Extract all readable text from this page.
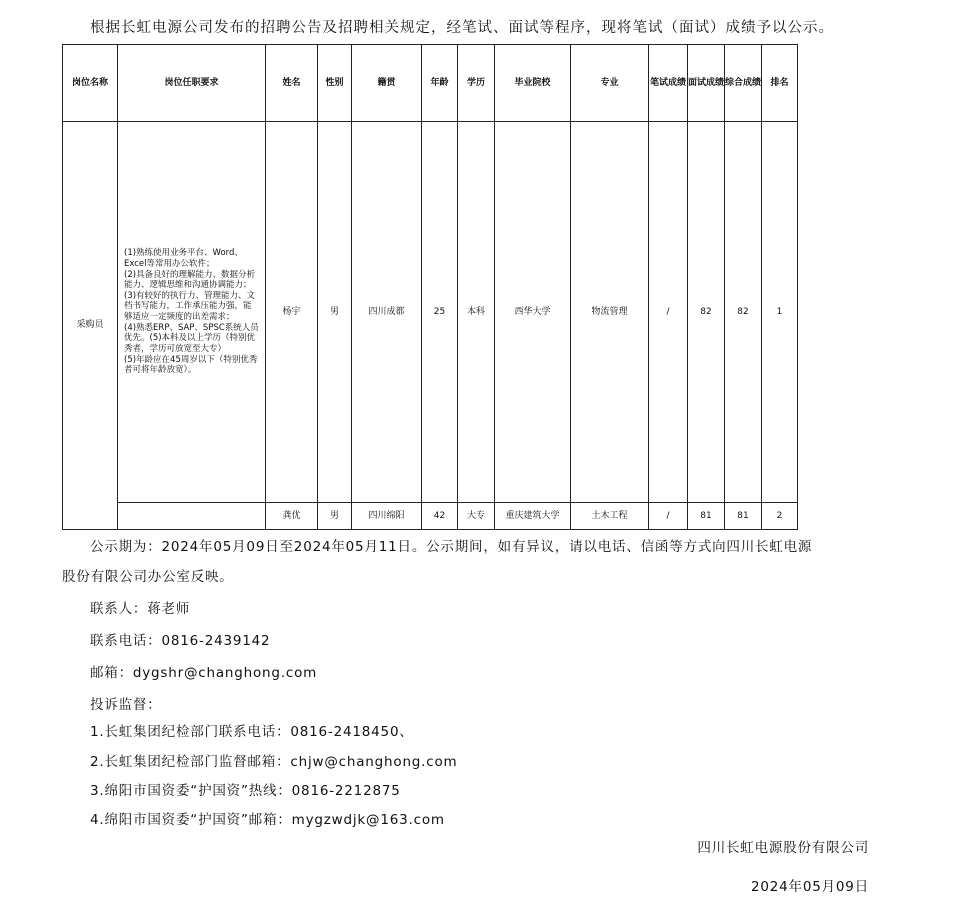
根据长虹电源公司发布的招聘公告及招聘相关规定，经笔试、面试等程序，现将笔试（面试）成绩予以公示。
岗位名称	岗位任职要求	姓名	性别	籍贯	年龄	学历	毕业院校	专业	笔试成绩	面试成绩	综合成绩	排名
采购员	(1)熟练使用业务平台、Word、Excel等常用办公软件；
(2)具备良好的理解能力、数据分析能力、逻辑思维和沟通协调能力；
(3)有较好的执行力、管理能力、文档书写能力，工作承压能力强，能够适应一定频度的出差需求；
(4)熟悉ERP、SAP、SPSC系统人员优先。(5)本科及以上学历（特别优秀者，学历可放宽至大专）
(5)年龄应在45周岁以下（特别优秀者可将年龄放宽）。	杨宇	男	四川成都	25	本科	西华大学	物流管理	/	82	82	1
		龚优	男	四川绵阳	42	大专	重庆建筑大学	土木工程	/	81	81	2
公示期为：2024年05月09日至2024年05月11日。公示期间，如有异议，请以电话、信函等方式向四川长虹电源
股份有限公司办公室反映。
联系人：蒋老师
联系电话：0816-2439142
邮箱：dygshr@changhong.com
投诉监督：
1.长虹集团纪检部门联系电话：0816-2418450、
2.长虹集团纪检部门监督邮箱：chjw@changhong.com
3.绵阳市国资委“护国资”热线：0816-2212875
4.绵阳市国资委“护国资”邮箱：mygzwdjk@163.com
四川长虹电源股份有限公司
2024年05月09日
